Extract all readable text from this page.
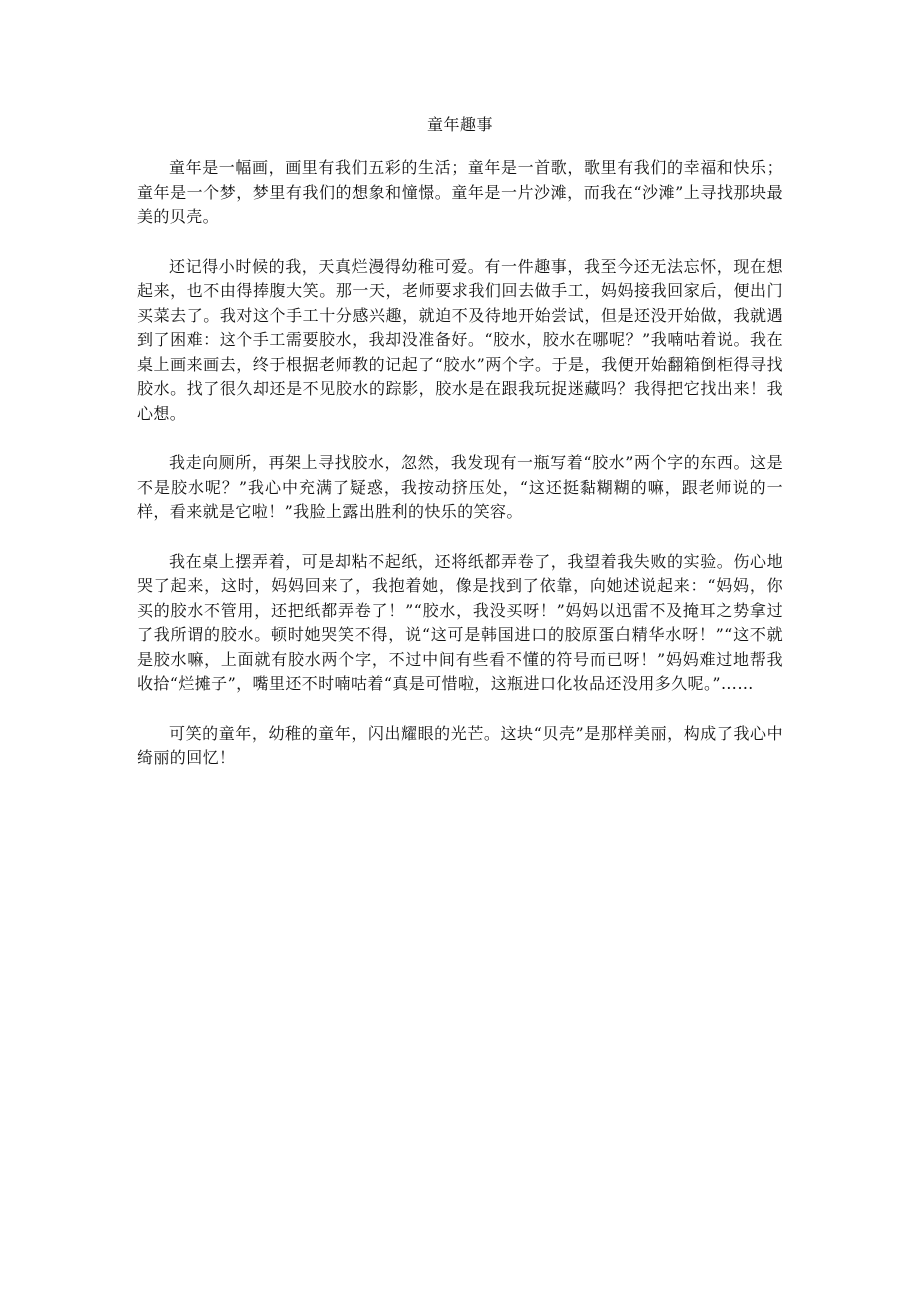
童年趣事

童年是一幅画，画里有我们五彩的生活；童年是一首歌，歌里有我们的幸福和快乐；童年是一个梦，梦里有我们的想象和憧憬。童年是一片沙滩，而我在“沙滩”上寻找那块最美的贝壳。

还记得小时候的我，天真烂漫得幼稚可爱。有一件趣事，我至今还无法忘怀，现在想起来，也不由得捧腹大笑。那一天，老师要求我们回去做手工，妈妈接我回家后，便出门买菜去了。我对这个手工十分感兴趣，就迫不及待地开始尝试，但是还没开始做，我就遇到了困难：这个手工需要胶水，我却没准备好。“胶水，胶水在哪呢？”我喃咕着说。我在桌上画来画去，终于根据老师教的记起了“胶水”两个字。于是，我便开始翻箱倒柜得寻找胶水。找了很久却还是不见胶水的踪影，胶水是在跟我玩捉迷藏吗？我得把它找出来！我心想。

我走向厕所，再架上寻找胶水，忽然，我发现有一瓶写着“胶水”两个字的东西。这是不是胶水呢？”我心中充满了疑惑，我按动挤压处，“这还挺黏糊糊的嘛，跟老师说的一样，看来就是它啦！”我脸上露出胜利的快乐的笑容。

我在桌上摆弄着，可是却粘不起纸，还将纸都弄卷了，我望着我失败的实验。伤心地哭了起来，这时，妈妈回来了，我抱着她，像是找到了依靠，向她述说起来：“妈妈，你买的胶水不管用，还把纸都弄卷了！”“胶水，我没买呀！”妈妈以迅雷不及掩耳之势拿过了我所谓的胶水。顿时她哭笑不得，说“这可是韩国进口的胶原蛋白精华水呀！”“这不就是胶水嘛，上面就有胶水两个字，不过中间有些看不懂的符号而已呀！”妈妈难过地帮我收拾“烂摊子”，嘴里还不时喃咕着“真是可惜啦，这瓶进口化妆品还没用多久呢。”……

可笑的童年，幼稚的童年，闪出耀眼的光芒。这块“贝壳”是那样美丽，构成了我心中绮丽的回忆！
